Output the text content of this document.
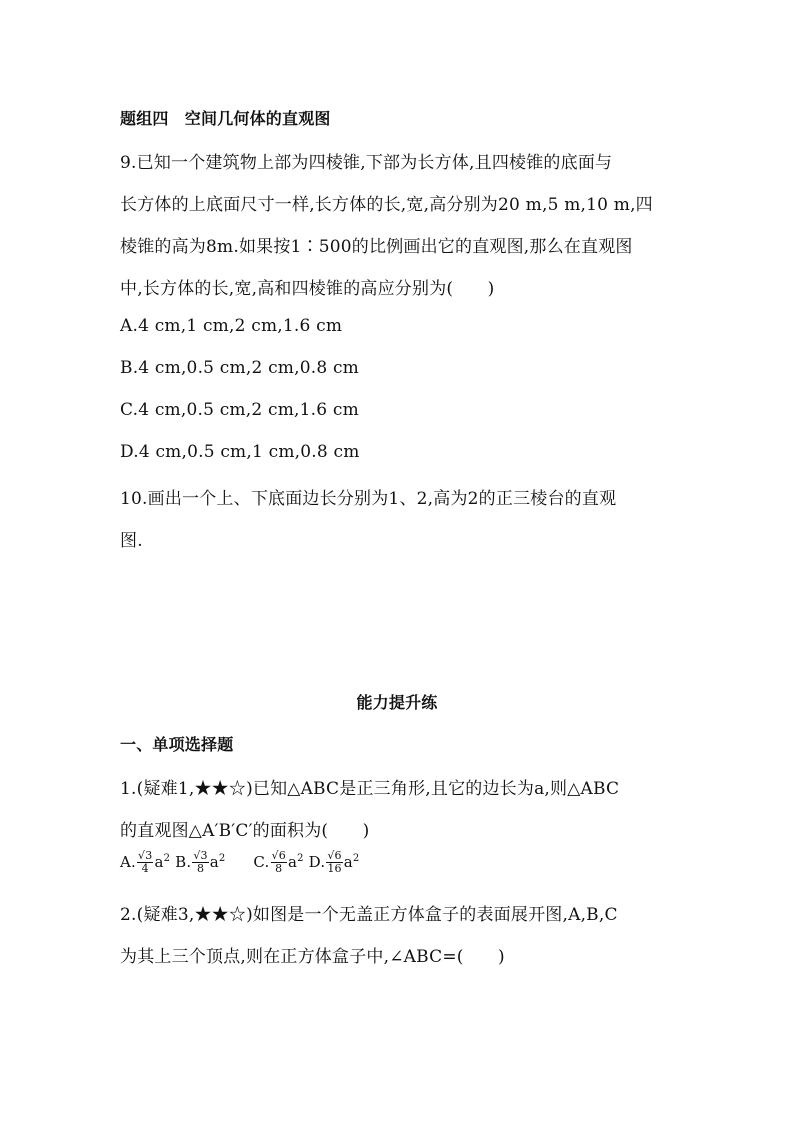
题组四　空间几何体的直观图
9.已知一个建筑物上部为四棱锥,下部为长方体,且四棱锥的底面与
长方体的上底面尺寸一样,长方体的长,宽,高分别为20 m,5 m,10 m,四
棱锥的高为8m.如果按1∶500的比例画出它的直观图,那么在直观图
中,长方体的长,宽,高和四棱锥的高应分别为(　　)
A.4 cm,1 cm,2 cm,1.6 cm
B.4 cm,0.5 cm,2 cm,0.8 cm
C.4 cm,0.5 cm,2 cm,1.6 cm
D.4 cm,0.5 cm,1 cm,0.8 cm
10.画出一个上、下底面边长分别为1、2,高为2的正三棱台的直观
图.
能力提升练
一、单项选择题
1.(疑难1,★★☆)已知△ABC是正三角形,且它的边长为a,则△ABC
的直观图△A′B′C′的面积为(　　)
A. √ $\frac{3}{4} a^2$ B. √ $\frac{3}{8} a^2$ C. √ $\frac{6}{8} a^2$ D. √ $\frac{6}{16} a^2$
2.(疑难3,★★☆)如图是一个无盖正方体盒子的表面展开图,A,B,C
为其上三个顶点,则在正方体盒子中,∠ABC=(　　)
